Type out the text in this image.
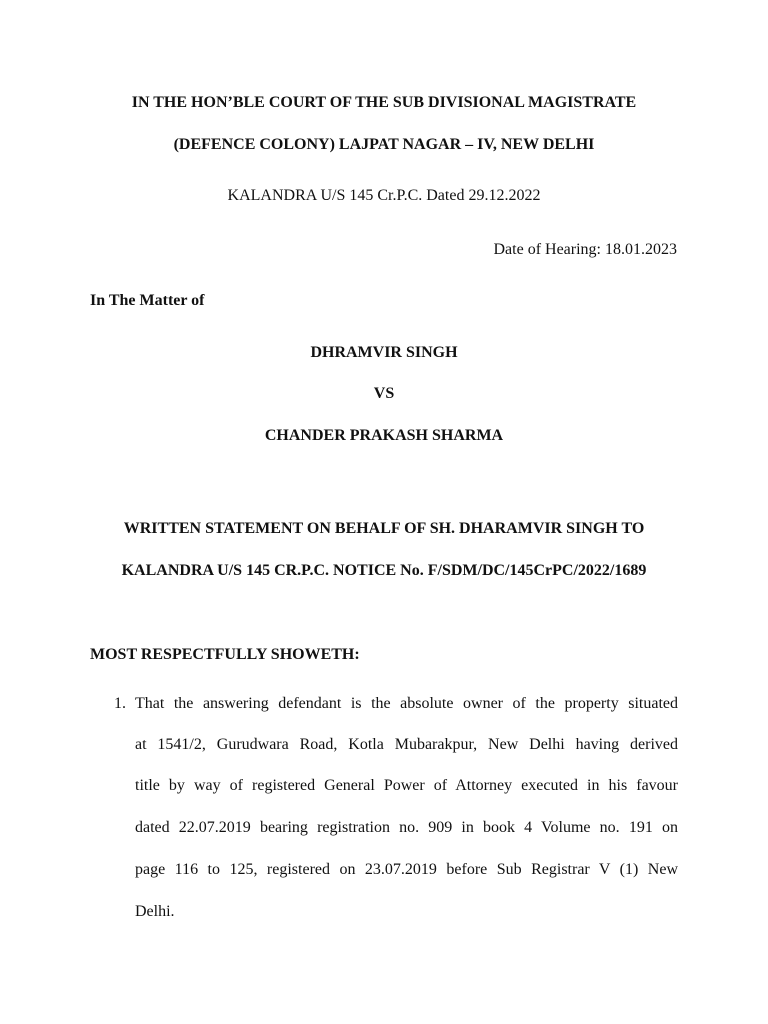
IN THE HON’BLE COURT OF THE SUB DIVISIONAL MAGISTRATE
(DEFENCE COLONY) LAJPAT NAGAR – IV, NEW DELHI
KALANDRA U/S 145 Cr.P.C. Dated 29.12.2022
Date of Hearing: 18.01.2023
In The Matter of
DHRAMVIR SINGH
VS
CHANDER PRAKASH SHARMA
WRITTEN STATEMENT ON BEHALF OF SH. DHARAMVIR SINGH TO
KALANDRA U/S 145 CR.P.C. NOTICE No. F/SDM/DC/145CrPC/2022/1689
MOST RESPECTFULLY SHOWETH:
1. That the answering defendant is the absolute owner of the property situated
at 1541/2, Gurudwara Road, Kotla Mubarakpur, New Delhi having derived
title by way of registered General Power of Attorney executed in his favour
dated 22.07.2019 bearing registration no. 909 in book 4 Volume no. 191 on
page 116 to 125, registered on 23.07.2019 before Sub Registrar V (1) New
Delhi.
